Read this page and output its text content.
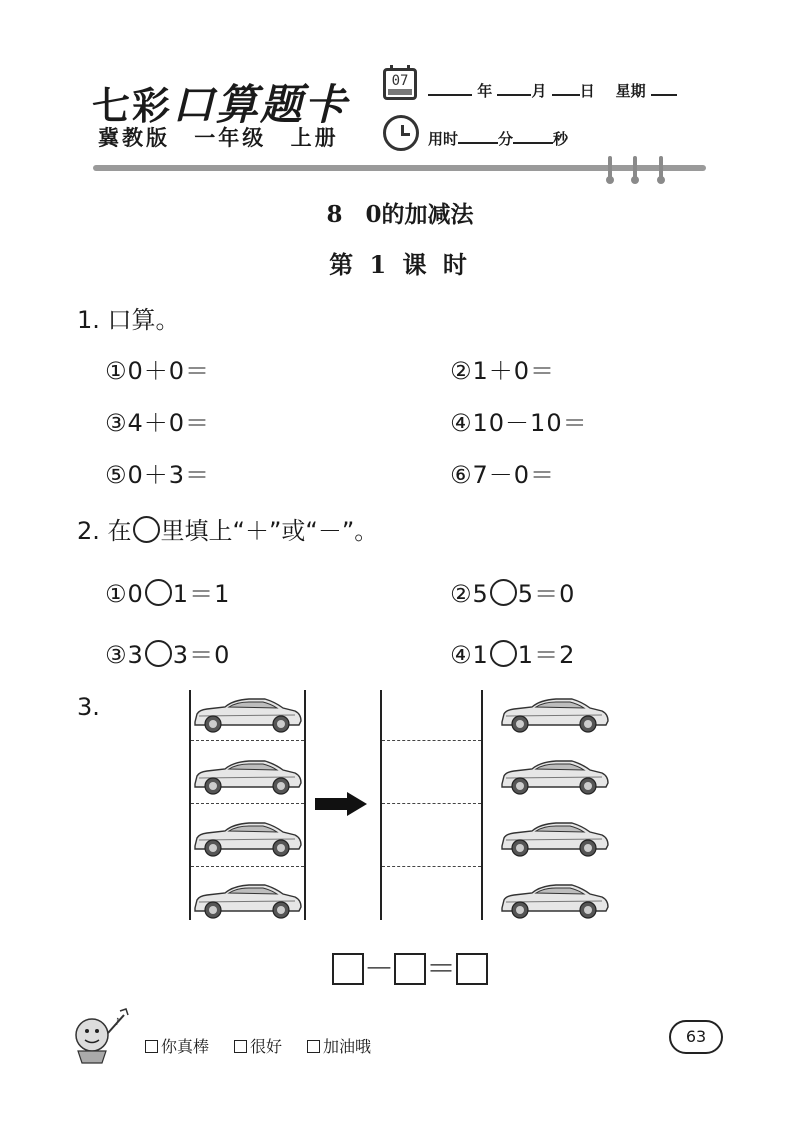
七彩口算题卡
冀教版 一年级 上册
07
年	月 日 星期
用时	分	秒
8　0的加减法
第 1 课 时
1. 口算。
①0＋0＝	②1＋0＝
③4＋0＝	④10－10＝
⑤0＋3＝	⑥7－0＝
2. 在 里填上“＋”或“－”。
①0 1＝1	②5 5＝0
③3 3＝0	④1 1＝2
3.
－ ＝
♪
你真棒	很好	加油哦
63
